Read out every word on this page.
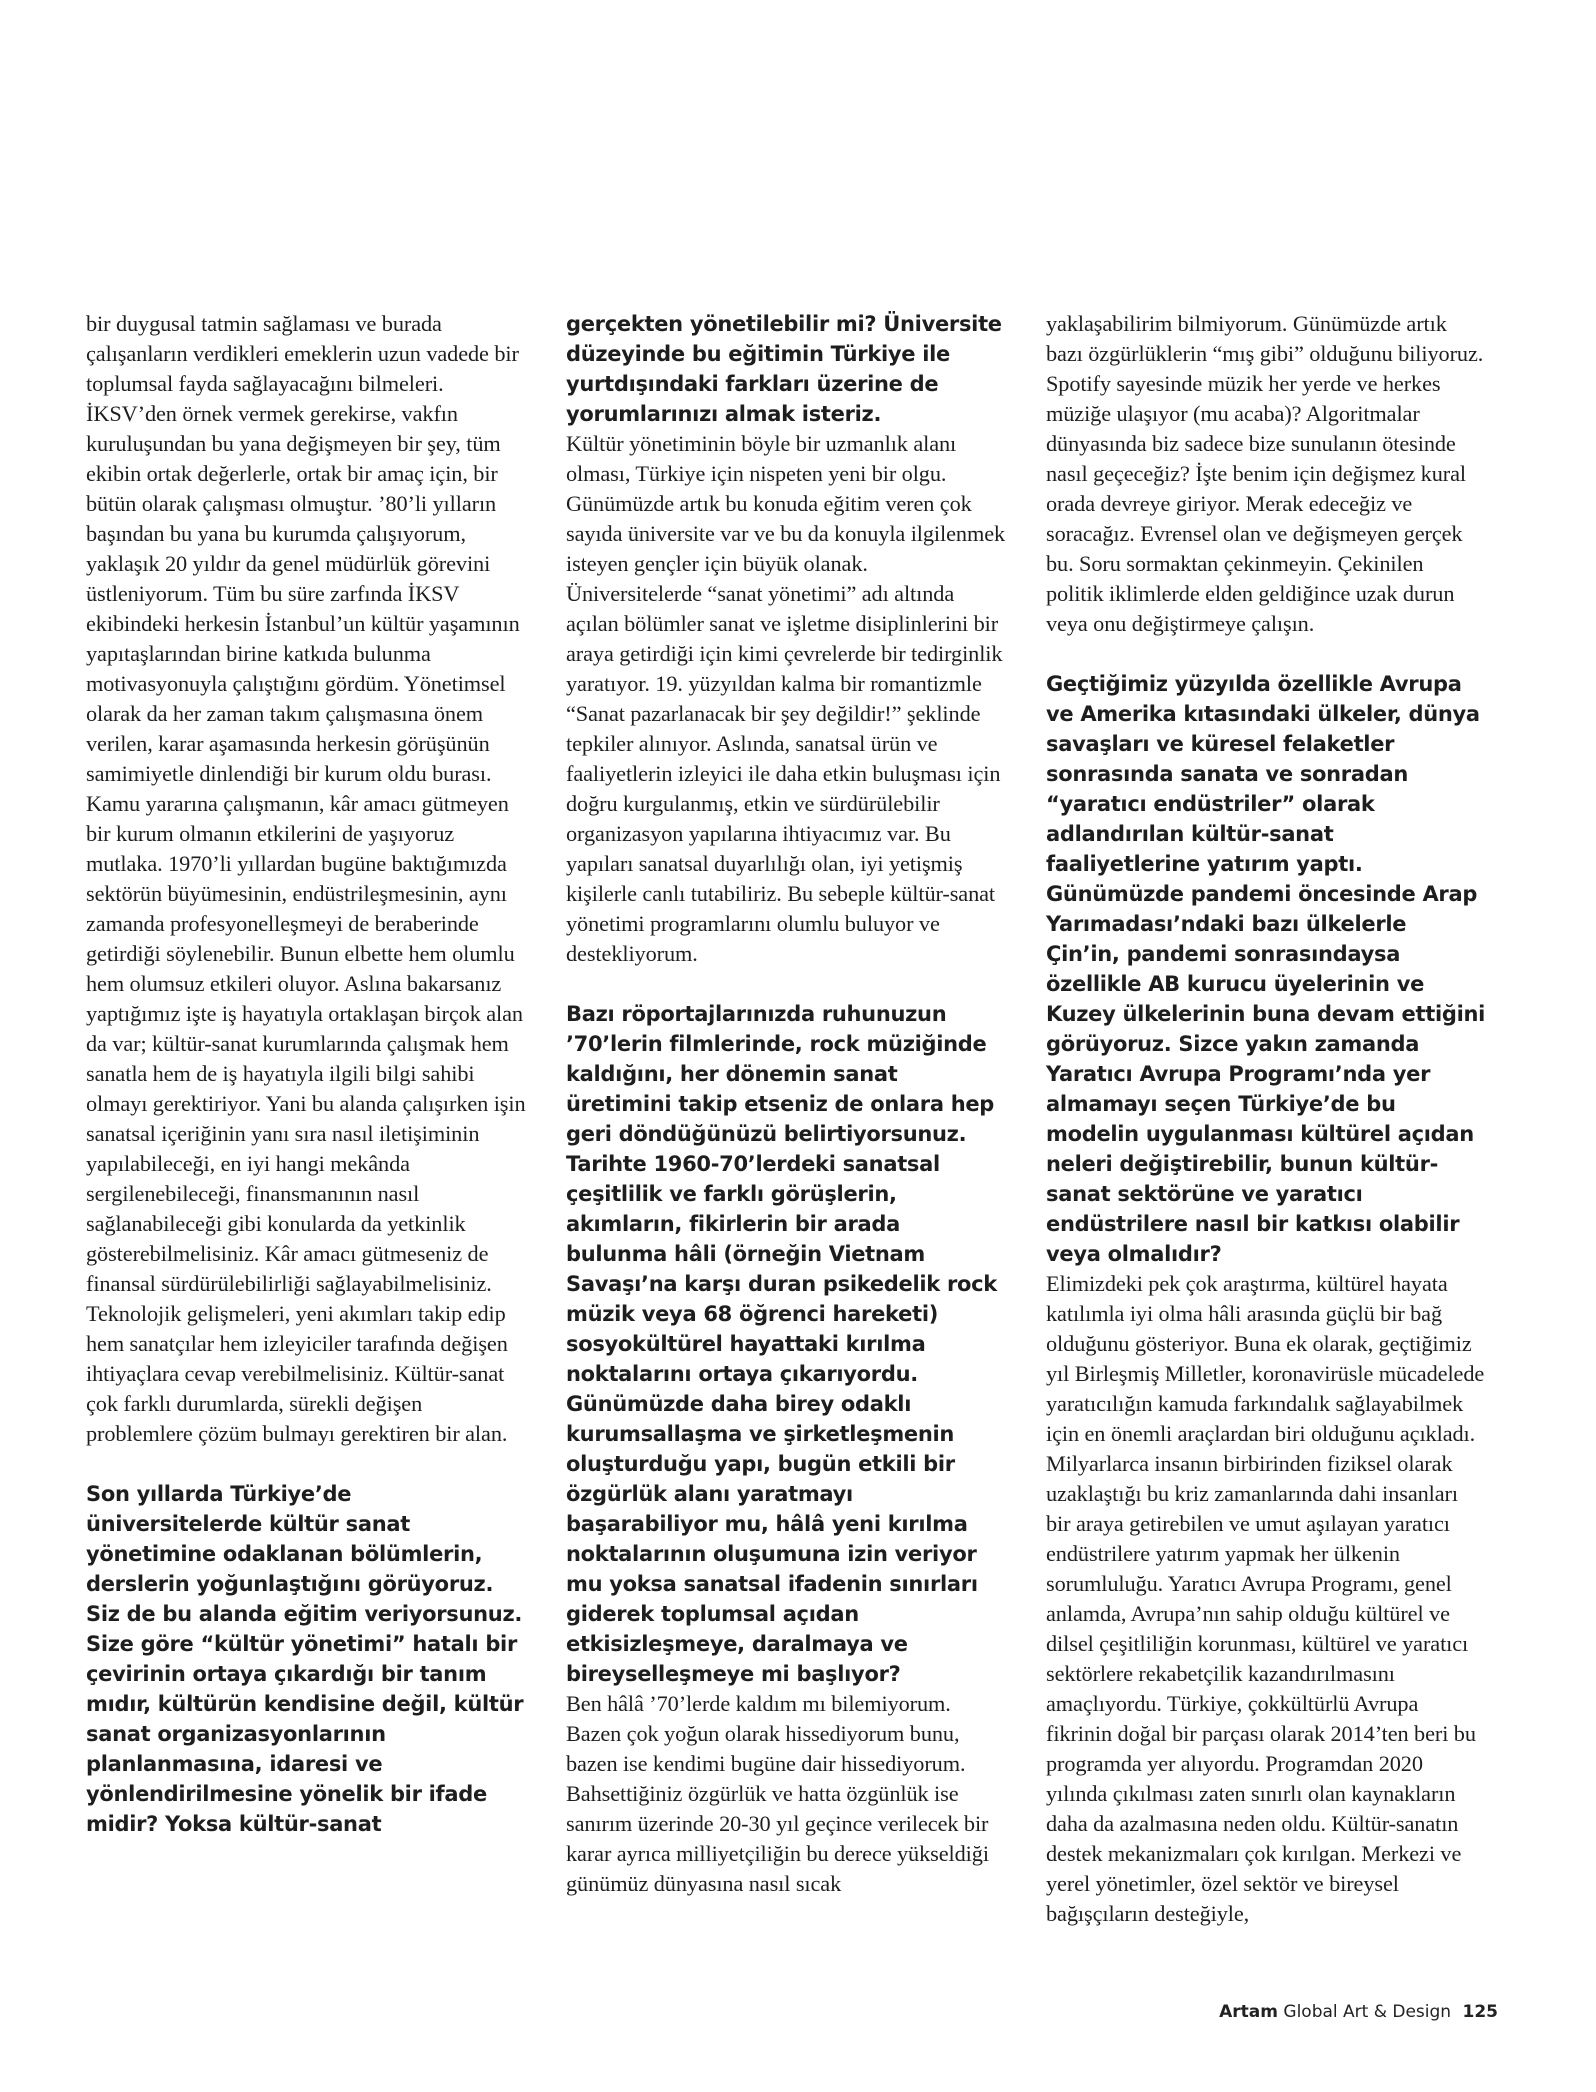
bir duygusal tatmin sağlaması ve burada çalışanların verdikleri emeklerin uzun vadede bir toplumsal fayda sağlayacağını bilmeleri. İKSV’den örnek vermek gerekirse, vakfın kuruluşundan bu yana değişmeyen bir şey, tüm ekibin ortak değerlerle, ortak bir amaç için, bir bütün olarak çalışması olmuştur. ’80’li yılların başından bu yana bu kurumda çalışıyorum, yaklaşık 20 yıldır da genel müdürlük görevini üstleniyorum. Tüm bu süre zarfında İKSV ekibindeki herkesin İstanbul’un kültür yaşamının yapıtaşlarından birine katkıda bulunma motivasyonuyla çalıştığını gördüm. Yönetimsel olarak da her zaman takım çalışmasına önem verilen, karar aşamasında herkesin görüşünün samimiyetle dinlendiği bir kurum oldu burası. Kamu yararına çalışmanın, kâr amacı gütmeyen bir kurum olmanın etkilerini de yaşıyoruz mutlaka. 1970’li yıllardan bugüne baktığımızda sektörün büyümesinin, endüstrileşmesinin, aynı zamanda profesyonelleşmeyi de beraberinde getirdiği söylenebilir. Bunun elbette hem olumlu hem olumsuz etkileri oluyor. Aslına bakarsanız yaptığımız işte iş hayatıyla ortaklaşan birçok alan da var; kültür-sanat kurumlarında çalışmak hem sanatla hem de iş hayatıyla ilgili bilgi sahibi olmayı gerektiriyor. Yani bu alanda çalışırken işin sanatsal içeriğinin yanı sıra nasıl iletişiminin yapılabileceği, en iyi hangi mekânda sergilenebileceği, finansmanının nasıl sağlanabileceği gibi konularda da yetkinlik gösterebilmelisiniz. Kâr amacı gütmeseniz de finansal sürdürülebilirliği sağlayabilmelisiniz. Teknolojik gelişmeleri, yeni akımları takip edip hem sanatçılar hem izleyiciler tarafında değişen ihtiyaçlara cevap verebilmelisiniz. Kültür-sanat çok farklı durumlarda, sürekli değişen problemlere çözüm bulmayı gerektiren bir alan.

Son yıllarda Türkiye’de üniversitelerde kültür sanat yönetimine odaklanan bölümlerin, derslerin yoğunlaştığını görüyoruz. Siz de bu alanda eğitim veriyorsunuz. Size göre “kültür yönetimi” hatalı bir çevirinin ortaya çıkardığı bir tanım mıdır, kültürün kendisine değil, kültür sanat organizasyonlarının planlanmasına, idaresi ve yönlendirilmesine yönelik bir ifade midir? Yoksa kültür-sanat

gerçekten yönetilebilir mi? Üniversite düzeyinde bu eğitimin Türkiye ile yurtdışındaki farkları üzerine de yorumlarınızı almak isteriz.

Kültür yönetiminin böyle bir uzmanlık alanı olması, Türkiye için nispeten yeni bir olgu. Günümüzde artık bu konuda eğitim veren çok sayıda üniversite var ve bu da konuyla ilgilenmek isteyen gençler için büyük olanak. Üniversitelerde “sanat yönetimi” adı altında açılan bölümler sanat ve işletme disiplinlerini bir araya getirdiği için kimi çevrelerde bir tedirginlik yaratıyor. 19. yüzyıldan kalma bir romantizmle “Sanat pazarlanacak bir şey değildir!” şeklinde tepkiler alınıyor. Aslında, sanatsal ürün ve faaliyetlerin izleyici ile daha etkin buluşması için doğru kurgulanmış, etkin ve sürdürülebilir organizasyon yapılarına ihtiyacımız var. Bu yapıları sanatsal duyarlılığı olan, iyi yetişmiş kişilerle canlı tutabiliriz. Bu sebeple kültür-sanat yönetimi programlarını olumlu buluyor ve destekliyorum.

Bazı röportajlarınızda ruhunuzun ’70’lerin filmlerinde, rock müziğinde kaldığını, her dönemin sanat üretimini takip etseniz de onlara hep geri döndüğünüzü belirtiyorsunuz. Tarihte 1960-70’lerdeki sanatsal çeşitlilik ve farklı görüşlerin, akımların, fikirlerin bir arada bulunma hâli (örneğin Vietnam Savaşı’na karşı duran psikedelik rock müzik veya 68 öğrenci hareketi) sosyokültürel hayattaki kırılma noktalarını ortaya çıkarıyordu. Günümüzde daha birey odaklı kurumsallaşma ve şirketleşmenin oluşturduğu yapı, bugün etkili bir özgürlük alanı yaratmayı başarabiliyor mu, hâlâ yeni kırılma noktalarının oluşumuna izin veriyor mu yoksa sanatsal ifadenin sınırları giderek toplumsal açıdan etkisizleşmeye, daralmaya ve bireyselleşmeye mi başlıyor?

Ben hâlâ ’70’lerde kaldım mı bilemiyorum. Bazen çok yoğun olarak hissediyorum bunu, bazen ise kendimi bugüne dair hissediyorum. Bahsettiğiniz özgürlük ve hatta özgünlük ise sanırım üzerinde 20-30 yıl geçince verilecek bir karar ayrıca milliyetçiliğin bu derece yükseldiği günümüz dünyasına nasıl sıcak

yaklaşabilirim bilmiyorum. Günümüzde artık bazı özgürlüklerin “mış gibi” olduğunu biliyoruz. Spotify sayesinde müzik her yerde ve herkes müziğe ulaşıyor (mu acaba)? Algoritmalar dünyasında biz sadece bize sunulanın ötesinde nasıl geçeceğiz? İşte benim için değişmez kural orada devreye giriyor. Merak edeceğiz ve soracağız. Evrensel olan ve değişmeyen gerçek bu. Soru sormaktan çekinmeyin. Çekinilen politik iklimlerde elden geldiğince uzak durun veya onu değiştirmeye çalışın.

Geçtiğimiz yüzyılda özellikle Avrupa ve Amerika kıtasındaki ülkeler, dünya savaşları ve küresel felaketler sonrasında sanata ve sonradan “yaratıcı endüstriler” olarak adlandırılan kültür-sanat faaliyetlerine yatırım yaptı. Günümüzde pandemi öncesinde Arap Yarımadası’ndaki bazı ülkelerle Çin’in, pandemi sonrasındaysa özellikle AB kurucu üyelerinin ve Kuzey ülkelerinin buna devam ettiğini görüyoruz. Sizce yakın zamanda Yaratıcı Avrupa Programı’nda yer almamayı seçen Türkiye’de bu modelin uygulanması kültürel açıdan neleri değiştirebilir, bunun kültür-sanat sektörüne ve yaratıcı endüstrilere nasıl bir katkısı olabilir veya olmalıdır?

Elimizdeki pek çok araştırma, kültürel hayata katılımla iyi olma hâli arasında güçlü bir bağ olduğunu gösteriyor. Buna ek olarak, geçtiğimiz yıl Birleşmiş Milletler, koronavirüsle mücadelede yaratıcılığın kamuda farkındalık sağlayabilmek için en önemli araçlardan biri olduğunu açıkladı. Milyarlarca insanın birbirinden fiziksel olarak uzaklaştığı bu kriz zamanlarında dahi insanları bir araya getirebilen ve umut aşılayan yaratıcı endüstrilere yatırım yapmak her ülkenin sorumluluğu. Yaratıcı Avrupa Programı, genel anlamda, Avrupa’nın sahip olduğu kültürel ve dilsel çeşitliliğin korunması, kültürel ve yaratıcı sektörlere rekabetçilik kazandırılmasını amaçlıyordu. Türkiye, çokkültürlü Avrupa fikrinin doğal bir parçası olarak 2014’ten beri bu programda yer alıyordu. Programdan 2020 yılında çıkılması zaten sınırlı olan kaynakların daha da azalmasına neden oldu. Kültür-sanatın destek mekanizmaları çok kırılgan. Merkezi ve yerel yönetimler, özel sektör ve bireysel bağışçıların desteğiyle,

Artam Global Art & Design 125
